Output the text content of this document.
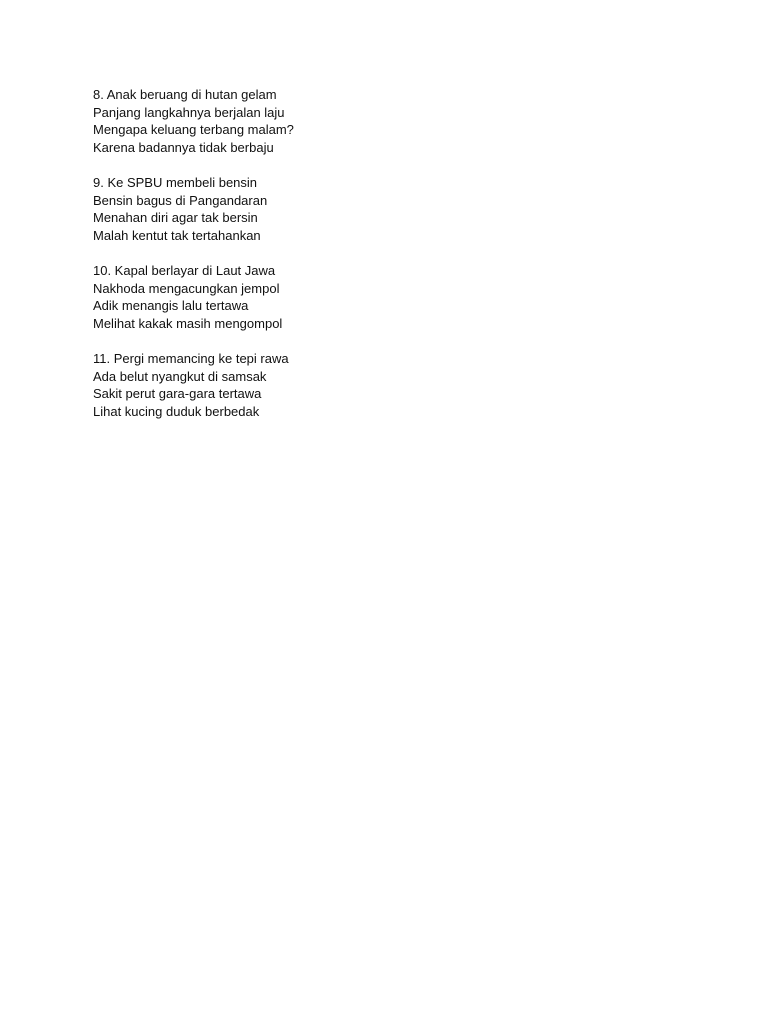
8. Anak beruang di hutan gelam
Panjang langkahnya berjalan laju
Mengapa keluang terbang malam?
Karena badannya tidak berbaju
9. Ke SPBU membeli bensin
Bensin bagus di Pangandaran
Menahan diri agar tak bersin
Malah kentut tak tertahankan
10. Kapal berlayar di Laut Jawa
Nakhoda mengacungkan jempol
Adik menangis lalu tertawa
Melihat kakak masih mengompol
11. Pergi memancing ke tepi rawa
Ada belut nyangkut di samsak
Sakit perut gara-gara tertawa
Lihat kucing duduk berbedak
